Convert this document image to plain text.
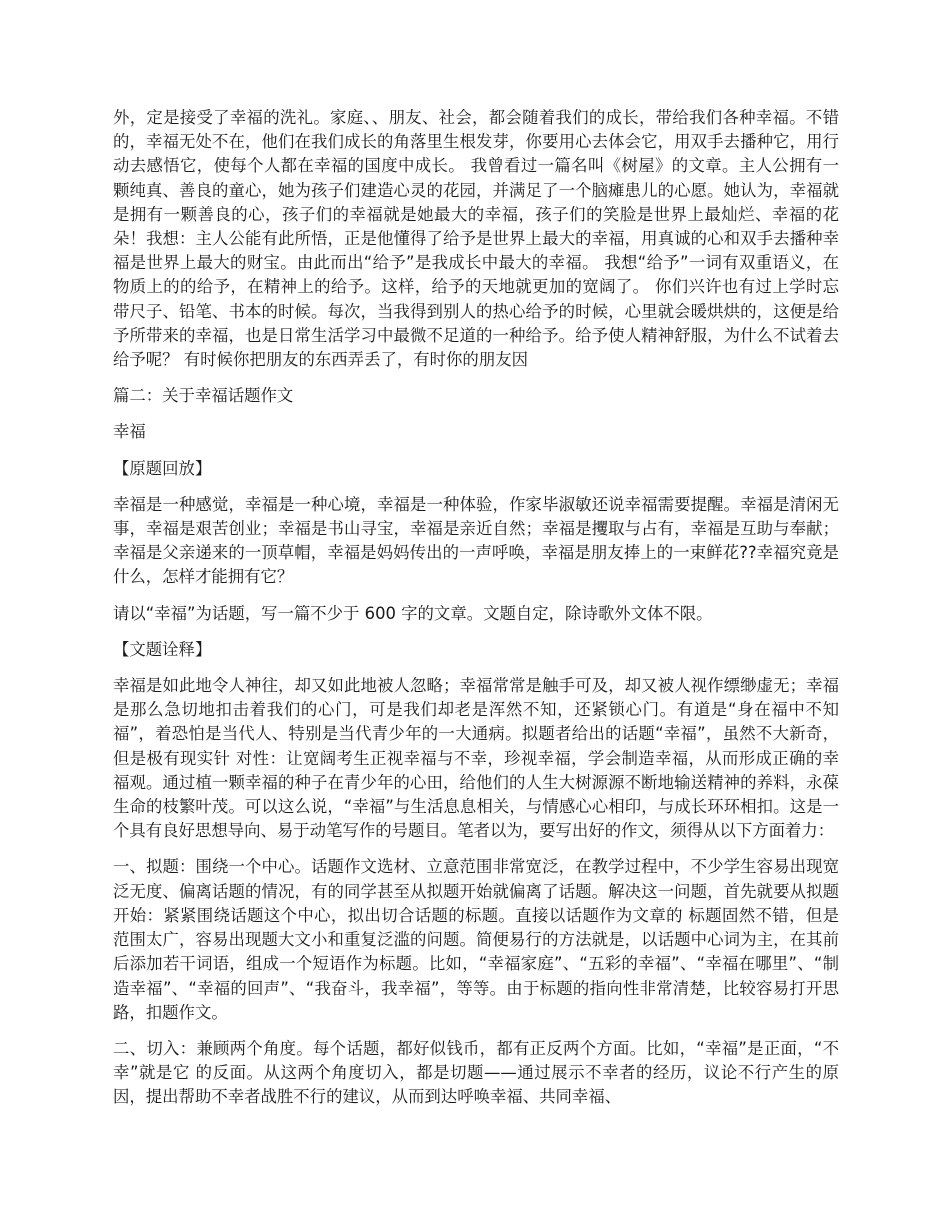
外，定是接受了幸福的洗礼。家庭、、朋友、社会，都会随着我们的成长，带给我们各种幸福。不错的，幸福无处不在，他们在我们成长的角落里生根发芽，你要用心去体会它，用双手去播种它，用行动去感悟它，使每个人都在幸福的国度中成长。 我曾看过一篇名叫《树屋》的文章。主人公拥有一颗纯真、善良的童心，她为孩子们建造心灵的花园，并满足了一个脑瘫患儿的心愿。她认为，幸福就是拥有一颗善良的心，孩子们的幸福就是她最大的幸福，孩子们的笑脸是世界上最灿烂、幸福的花朵！我想：主人公能有此所悟，正是他懂得了给予是世界上最大的幸福，用真诚的心和双手去播种幸福是世界上最大的财宝。由此而出“给予”是我成长中最大的幸福。 我想“给予”一词有双重语义，在物质上的的给予，在精神上的给予。这样，给予的天地就更加的宽阔了。 你们兴许也有过上学时忘带尺子、铅笔、书本的时候。每次，当我得到别人的热心给予的时候，心里就会暖烘烘的，这便是给予所带来的幸福，也是日常生活学习中最微不足道的一种给予。给予使人精神舒服，为什么不试着去给予呢？ 有时候你把朋友的东西弄丢了，有时你的朋友因

篇二：关于幸福话题作文

幸福

【原题回放】

幸福是一种感觉，幸福是一种心境，幸福是一种体验，作家毕淑敏还说幸福需要提醒。幸福是清闲无事，幸福是艰苦创业；幸福是书山寻宝，幸福是亲近自然；幸福是攫取与占有，幸福是互助与奉献；幸福是父亲递来的一顶草帽，幸福是妈妈传出的一声呼唤，幸福是朋友捧上的一束鲜花??幸福究竟是什么，怎样才能拥有它？

请以“幸福”为话题，写一篇不少于 600 字的文章。文题自定，除诗歌外文体不限。

【文题诠释】

幸福是如此地令人神往，却又如此地被人忽略；幸福常常是触手可及，却又被人视作缥缈虚无；幸福是那么急切地扣击着我们的心门，可是我们却老是浑然不知，还紧锁心门。有道是“身在福中不知福”，着恐怕是当代人、特别是当代青少年的一大通病。拟题者给出的话题“幸福”，虽然不大新奇，但是极有现实针 对性：让宽阔考生正视幸福与不幸，珍视幸福，学会制造幸福，从而形成正确的幸福观。通过植一颗幸福的种子在青少年的心田，给他们的人生大树源源不断地输送精神的养料，永葆生命的枝繁叶茂。可以这么说，“幸福”与生活息息相关，与情感心心相印，与成长环环相扣。这是一个具有良好思想导向、易于动笔写作的号题目。笔者以为，要写出好的作文，须得从以下方面着力：

一、拟题：围绕一个中心。话题作文选材、立意范围非常宽泛，在教学过程中，不少学生容易出现宽泛无度、偏离话题的情况，有的同学甚至从拟题开始就偏离了话题。解决这一问题，首先就要从拟题开始：紧紧围绕话题这个中心，拟出切合话题的标题。直接以话题作为文章的 标题固然不错，但是范围太广，容易出现题大文小和重复泛滥的问题。简便易行的方法就是，以话题中心词为主，在其前后添加若干词语，组成一个短语作为标题。比如，“幸福家庭”、“五彩的幸福”、“幸福在哪里”、“制造幸福”、“幸福的回声”、“我奋斗，我幸福”，等等。由于标题的指向性非常清楚，比较容易打开思路，扣题作文。

二、切入：兼顾两个角度。每个话题，都好似钱币，都有正反两个方面。比如，“幸福”是正面，“不幸”就是它 的反面。从这两个角度切入，都是切题——通过展示不幸者的经历，议论不行产生的原因，提出帮助不幸者战胜不行的建议，从而到达呼唤幸福、共同幸福、
